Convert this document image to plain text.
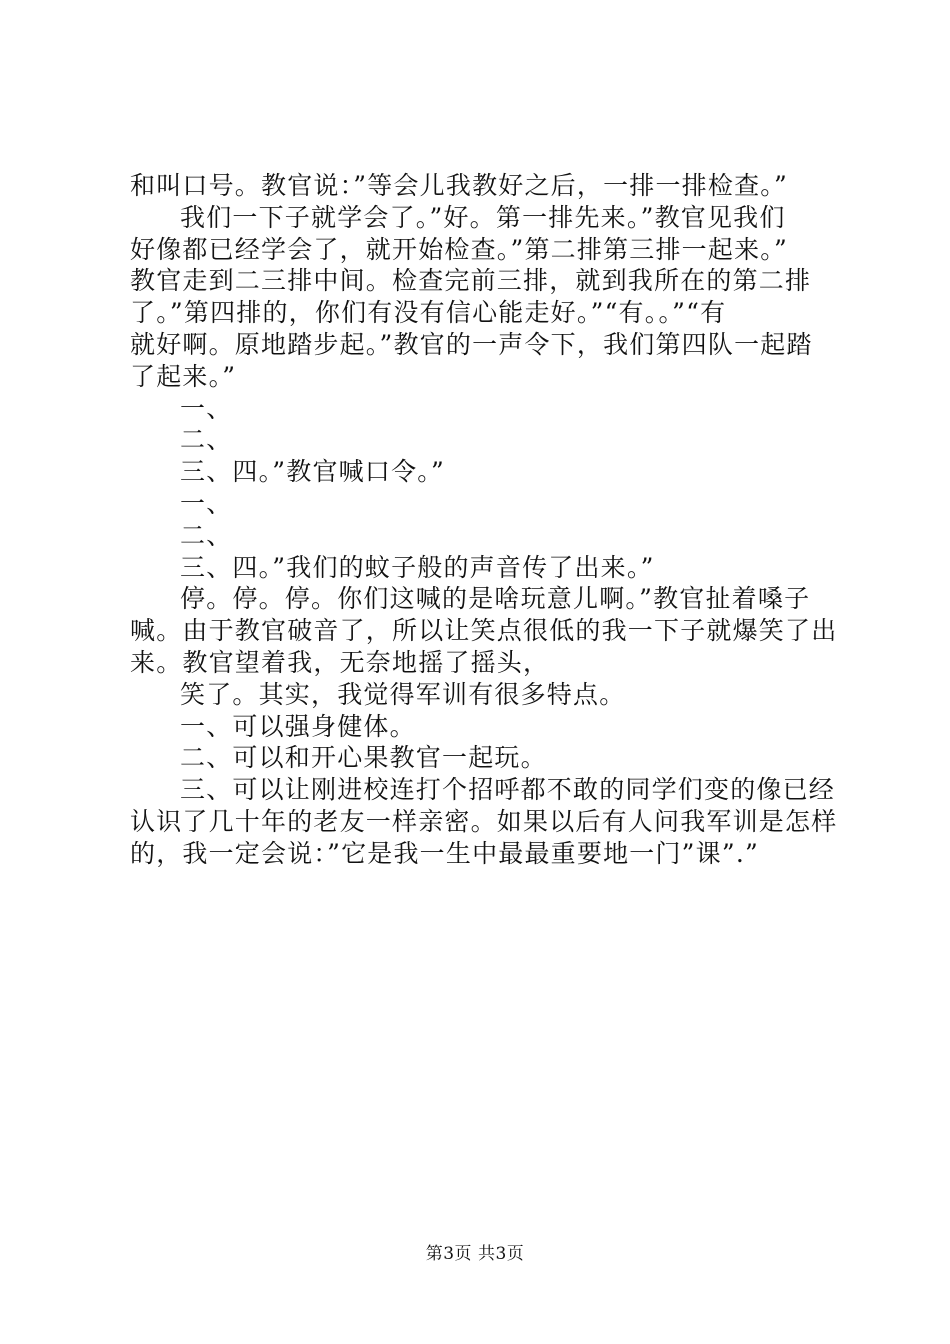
和叫口号。教官说：”等会儿我教好之后，一排一排检查。”
我们一下子就学会了。”好。第一排先来。”教官见我们
好像都已经学会了，就开始检查。”第二排第三排一起来。”
教官走到二三排中间。检查完前三排，就到我所在的第二排
了。”第四排的，你们有没有信心能走好。”“有。。”“有
就好啊。原地踏步起。”教官的一声令下，我们第四队一起踏
了起来。”
一、
二、
三、四。”教官喊口令。”
一、
二、
三、四。”我们的蚊子般的声音传了出来。”
停。停。停。你们这喊的是啥玩意儿啊。”教官扯着嗓子
喊。由于教官破音了，所以让笑点很低的我一下子就爆笑了出
来。教官望着我，无奈地摇了摇头，
笑了。其实，我觉得军训有很多特点。
一、可以强身健体。
二、可以和开心果教官一起玩。
三、可以让刚进校连打个招呼都不敢的同学们变的像已经
认识了几十年的老友一样亲密。如果以后有人问我军训是怎样
的，我一定会说：”它是我一生中最最重要地一门”课”.”
第3页 共3页
